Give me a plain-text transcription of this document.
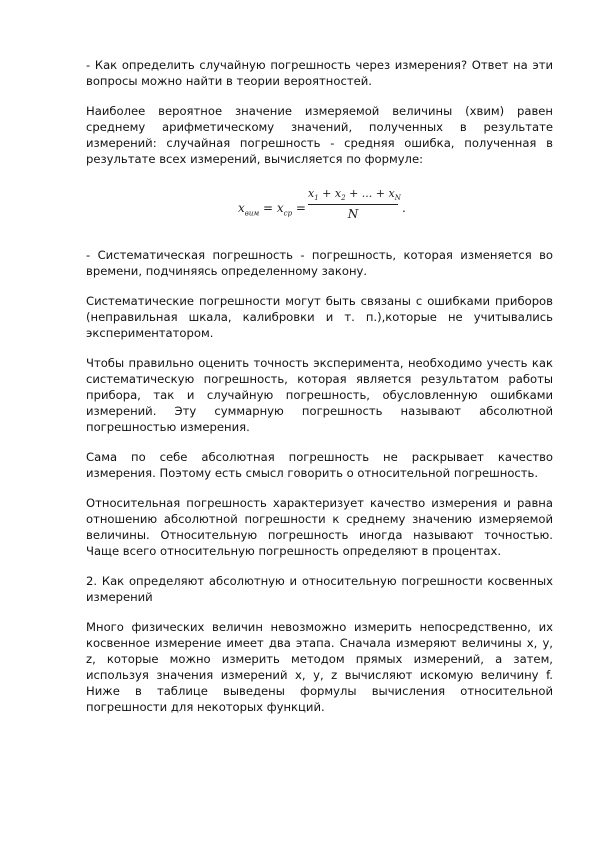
- Как определить случайную погрешность через измерения? Ответ на эти вопросы можно найти в теории вероятностей.

Наиболее вероятное значение измеряемой величины (хвим) равен среднему арифметическому значений, полученных в результате измерений: случайная погрешность - средняя ошибка, полученная в результате всех измерений, вычисляется по формуле:

$x_{вим} = x_{ср}$ =
$x_1 + x_2$ + ... + $x_N$
N	.

- Систематическая погрешность - погрешность, которая изменяется во времени, подчиняясь определенному закону.

Систематические погрешности могут быть связаны с ошибками приборов (неправильная шкала, калибровки и т. п.),которые не учитывались экспериментатором.

Чтобы правильно оценить точность эксперимента, необходимо учесть как систематическую погрешность, которая является результатом работы прибора, так и случайную погрешность, обусловленную ошибками измерений. Эту суммарную погрешность называют абсолютной погрешностью измерения.

Сама по себе абсолютная погрешность не раскрывает качество измерения. Поэтому есть смысл говорить о относительной погрешность.

Относительная погрешность характеризует качество измерения и равна отношению абсолютной погрешности к среднему значению измеряемой величины. Относительную погрешность иногда называют точностью. Чаще всего относительную погрешность определяют в процентах.

2. Как определяют абсолютную и относительную погрешности косвенных измерений

Много физических величин невозможно измерить непосредственно, их косвенное измерение имеет два этапа. Сначала измеряют величины x, y, z, которые можно измерить методом прямых измерений, а затем, используя значения измерений x, y, z вычисляют искомую величину f. Ниже в таблице выведены формулы вычисления относительной погрешности для некоторых функций.
